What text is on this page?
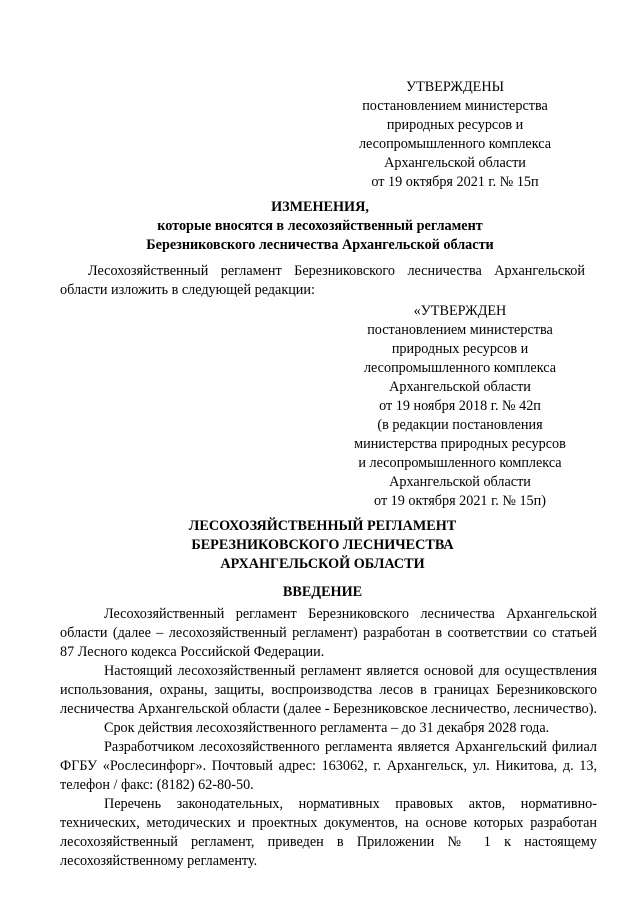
УТВЕРЖДЕНЫ
постановлением министерства
природных ресурсов и
лесопромышленного комплекса
Архангельской области
от 19 октября 2021 г. № 15п
ИЗМЕНЕНИЯ,
которые вносятся в лесохозяйственный регламент
Березниковского лесничества Архангельской области

Лесохозяйственный регламент Березниковского лесничества Архангельской области изложить в следующей редакции:

«УТВЕРЖДЕН
постановлением министерства
природных ресурсов и
лесопромышленного комплекса
Архангельской области
от 19 ноября 2018 г. № 42п
(в редакции постановления
министерства природных ресурсов
и лесопромышленного комплекса
Архангельской области
от 19 октября 2021 г. № 15п)
ЛЕСОХОЗЯЙСТВЕННЫЙ РЕГЛАМЕНТ
БЕРЕЗНИКОВСКОГО ЛЕСНИЧЕСТВА
АРХАНГЕЛЬСКОЙ ОБЛАСТИ
ВВЕДЕНИЕ

Лесохозяйственный регламент Березниковского лесничества Архангельской области (далее – лесохозяйственный регламент) разработан в соответствии со статьей 87 Лесного кодекса Российской Федерации.

Настоящий лесохозяйственный регламент является основой для осуществления использования, охраны, защиты, воспроизводства лесов в границах Березниковского лесничества Архангельской области (далее - Березниковское лесничество, лесничество).

Срок действия лесохозяйственного регламента – до 31 декабря 2028 года.

Разработчиком лесохозяйственного регламента является Архангельский филиал ФГБУ «Рослесинфорг». Почтовый адрес: 163062, г. Архангельск, ул. Никитова, д. 13, телефон / факс: (8182) 62-80-50.

Перечень законодательных, нормативных правовых актов, нормативно-технических, методических и проектных документов, на основе которых разработан лесохозяйственный регламент, приведен в Приложении № 1 к настоящему лесохозяйственному регламенту.
